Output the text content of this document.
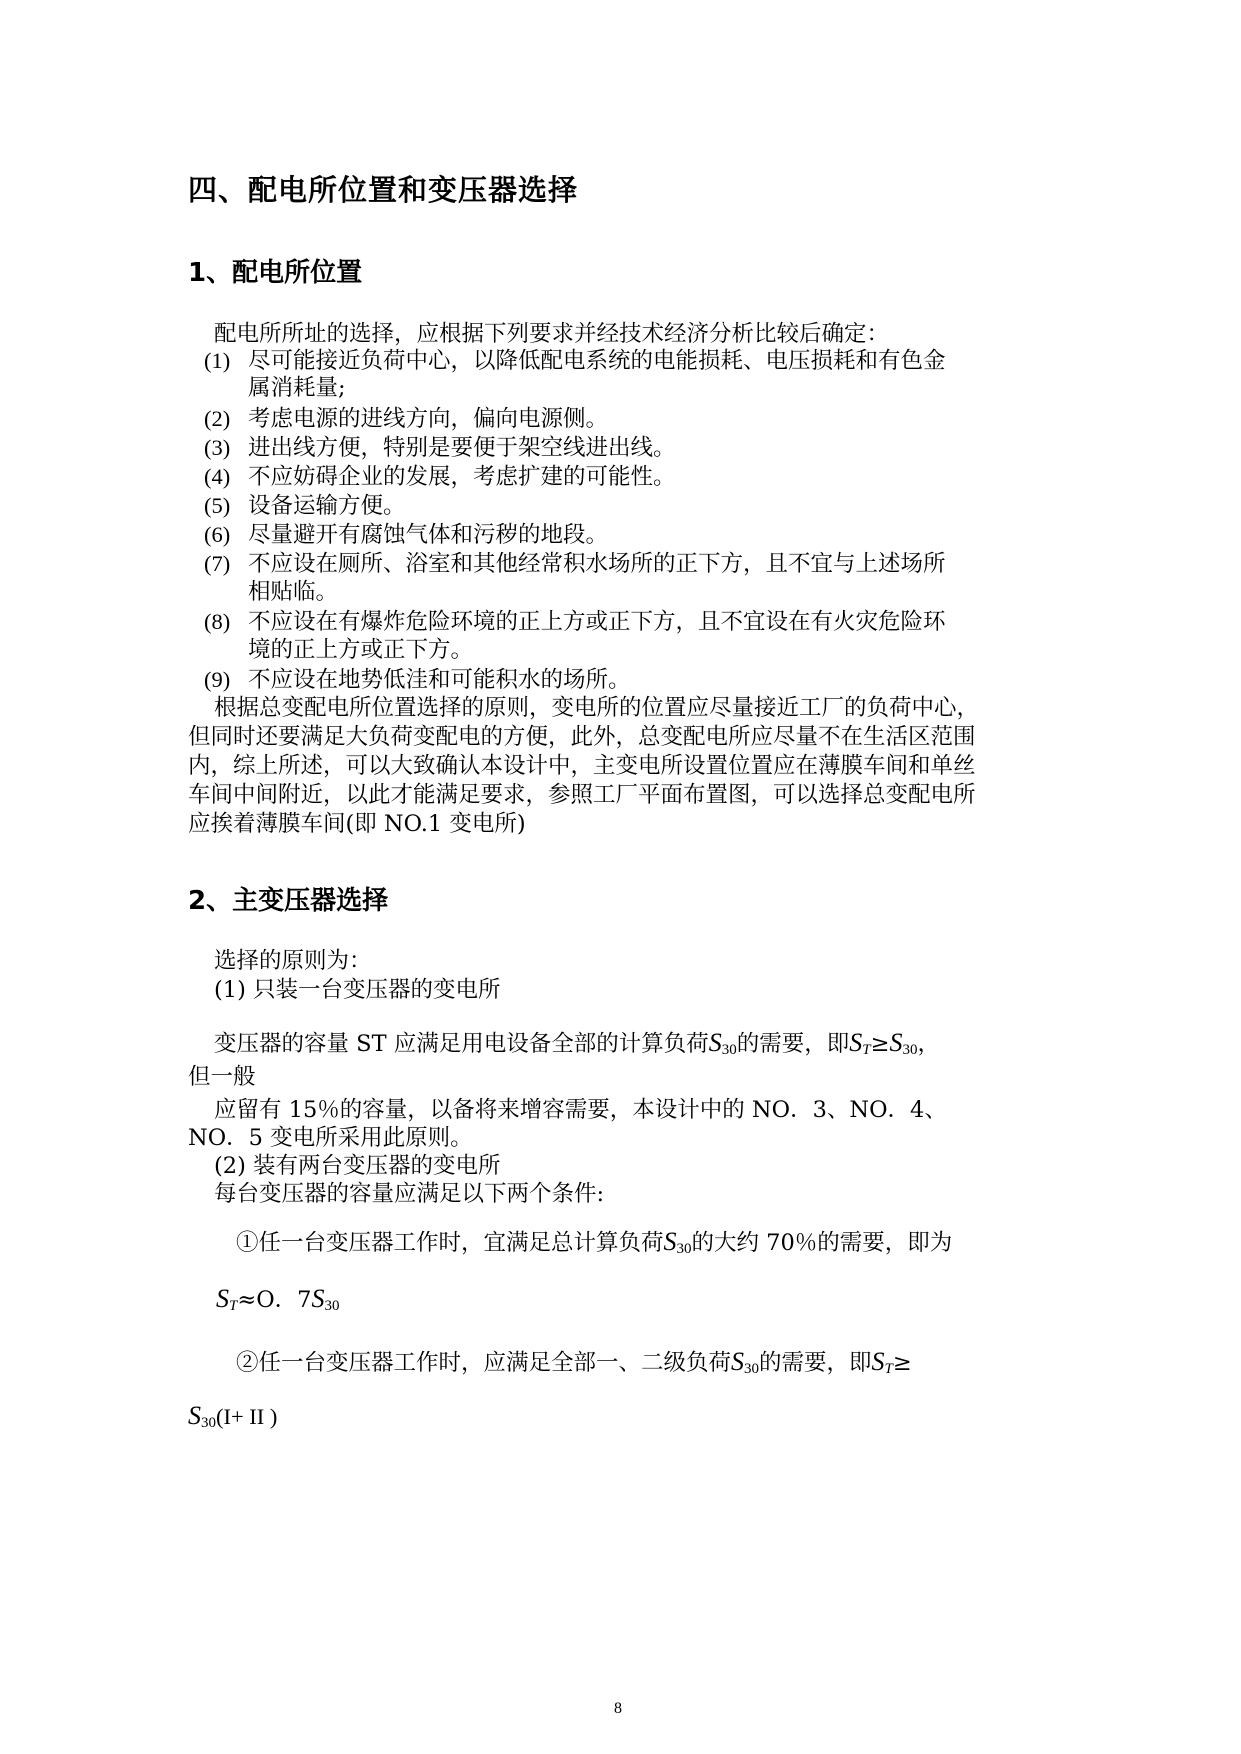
四、配电所位置和变压器选择
1、配电所位置
配电所所址的选择，应根据下列要求并经技术经济分析比较后确定：
(1) 尽可能接近负荷中心，以降低配电系统的电能损耗、电压损耗和有色金
属消耗量;
(2) 考虑电源的进线方向，偏向电源侧。
(3) 进出线方便，特别是要便于架空线进出线。
(4) 不应妨碍企业的发展，考虑扩建的可能性。
(5) 设备运输方便。
(6) 尽量避开有腐蚀气体和污秽的地段。
(7) 不应设在厕所、浴室和其他经常积水场所的正下方，且不宜与上述场所
相贴临。
(8) 不应设在有爆炸危险环境的正上方或正下方，且不宜设在有火灾危险环
境的正上方或正下方。
(9) 不应设在地势低洼和可能积水的场所。
根据总变配电所位置选择的原则，变电所的位置应尽量接近工厂的负荷中心，
但同时还要满足大负荷变配电的方便，此外，总变配电所应尽量不在生活区范围
内，综上所述，可以大致确认本设计中，主变电所设置位置应在薄膜车间和单丝
车间中间附近，以此才能满足要求，参照工厂平面布置图，可以选择总变配电所
应挨着薄膜车间(即 NO.1 变电所)
2、主变压器选择
选择的原则为：
(1) 只装一台变压器的变电所
变压器的容量 ST 应满足用电设备全部的计算负荷$S_{30}$的需要，即$S_T\ge S_{30}$，
但一般
应留有 15％的容量，以备将来增容需要，本设计中的 NO．3、NO．4、
NO．5 变电所采用此原则。
(2) 装有两台变压器的变电所
每台变压器的容量应满足以下两个条件:
①任一台变压器工作时，宜满足总计算负荷$S_{30}$的大约 70％的需要，即为
$S_T\approx O$．$7S_{30}$
②任一台变压器工作时，应满足全部一、二级负荷$S_{30}$的需要，即$S_T\ge$
$S_{30}(I+$ II )
8
